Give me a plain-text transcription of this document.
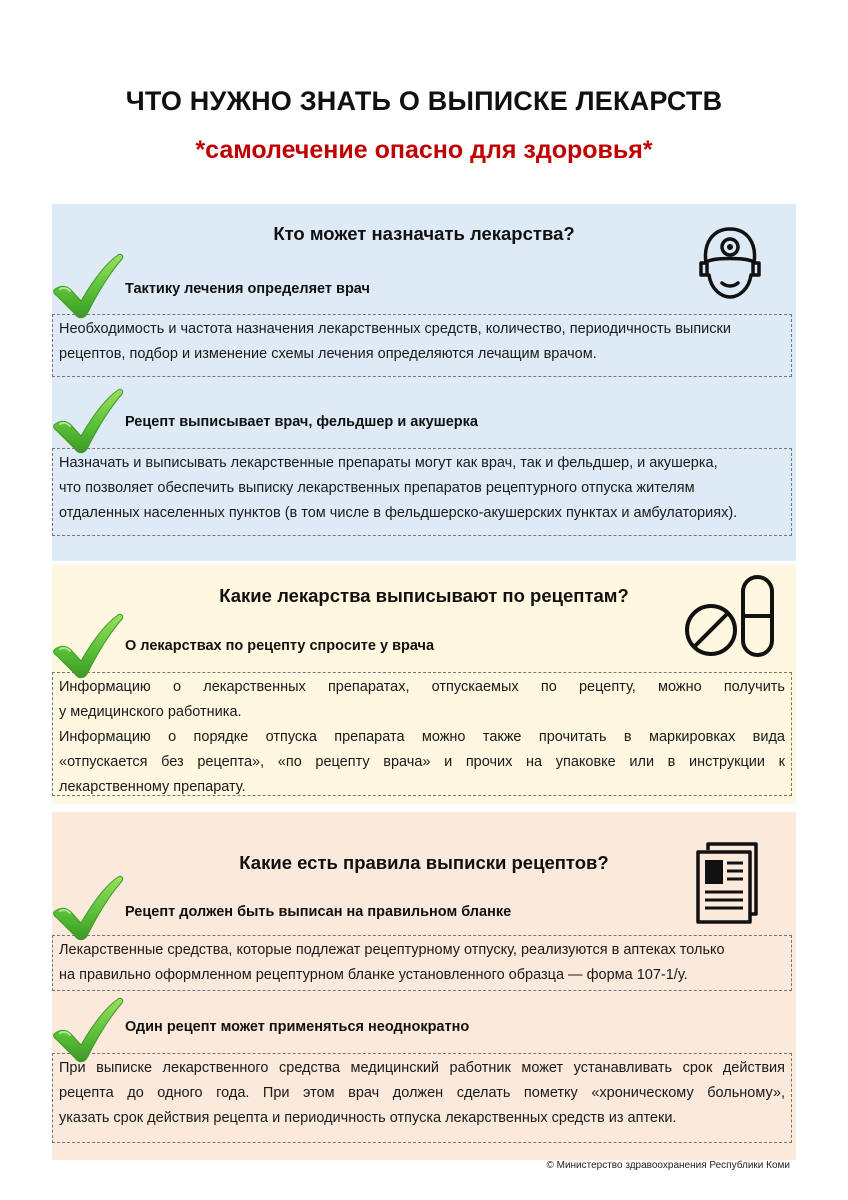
ЧТО НУЖНО ЗНАТЬ О ВЫПИСКЕ ЛЕКАРСТВ
*самолечение опасно для здоровья*
Кто может назначать лекарства?
Тактику лечения определяет врач

Необходимость и частота назначения лекарственных средств, количество, периодичность выписки

рецептов, подбор и изменение схемы лечения определяются лечащим врачом.

Рецепт выписывает врач, фельдшер и акушерка

Назначать и выписывать лекарственные препараты могут как врач, так и фельдшер, и акушерка,

что позволяет обеспечить выписку лекарственных препаратов рецептурного отпуска жителям

отдаленных населенных пунктов (в том числе в фельдшерско-акушерских пунктах и амбулаториях).

Какие лекарства выписывают по рецептам?
О лекарствах по рецепту спросите у врача

Информацию о лекарственных препаратах, отпускаемых по рецепту, можно получить

у медицинского работника.

Информацию о порядке отпуска препарата можно также прочитать в маркировках вида

«отпускается без рецепта», «по рецепту врача» и прочих на упаковке или в инструкции к

лекарственному препарату.

Какие есть правила выписки рецептов?
Рецепт должен быть выписан на правильном бланке

Лекарственные средства, которые подлежат рецептурному отпуску, реализуются в аптеках только

на правильно оформленном рецептурном бланке установленного образца — форма 107-1/у.

Один рецепт может применяться неоднократно

При выписке лекарственного средства медицинский работник может устанавливать срок действия

рецепта до одного года. При этом врач должен сделать пометку «хроническому больному»,

указать срок действия рецепта и периодичность отпуска лекарственных средств из аптеки.

© Министерство здравоохранения Республики Коми
